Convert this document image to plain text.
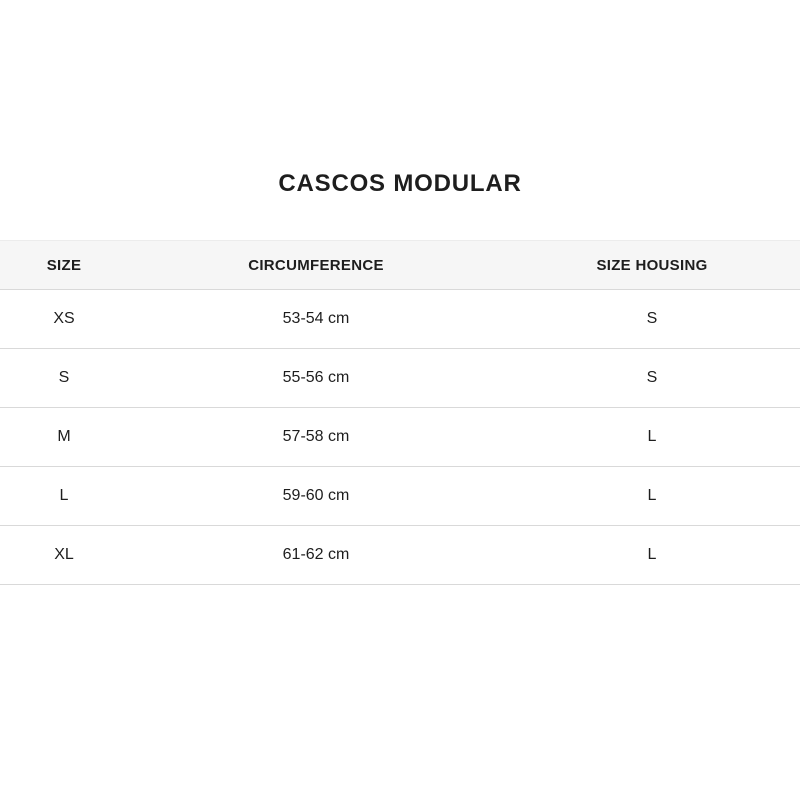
CASCOS MODULAR
SIZE	CIRCUMFERENCE	SIZE HOUSING
XS	53-54 cm	S
S	55-56 cm	S
M	57-58 cm	L
L	59-60 cm	L
XL	61-62 cm	L
